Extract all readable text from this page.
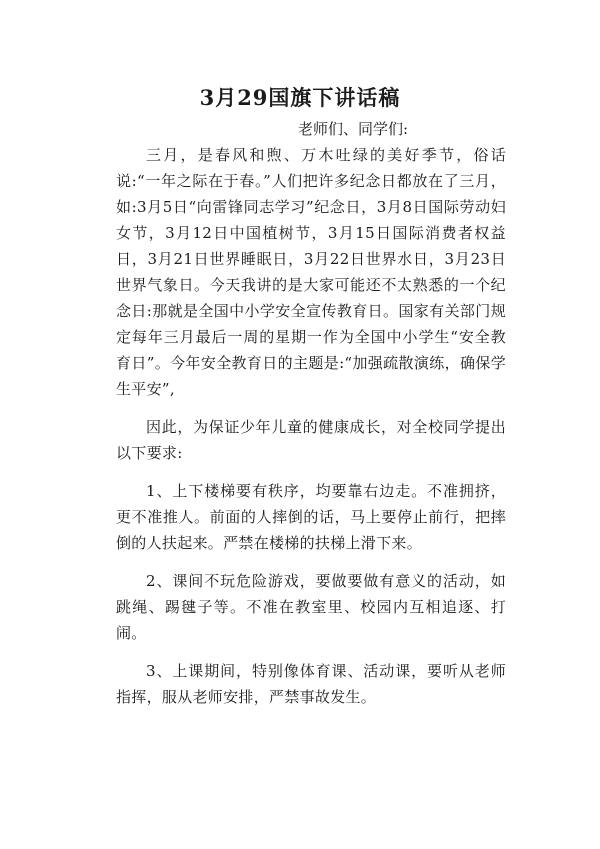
3月29国旗下讲话稿

老师们、同学们:

三月，是春风和煦、万木吐绿的美好季节，俗话说:“一年之际在于春。”人们把许多纪念日都放在了三月，如:3月5日“向雷锋同志学习”纪念日，3月8日国际劳动妇女节，3月12日中国植树节，3月15日国际消费者权益日，3月21日世界睡眠日，3月22日世界水日，3月23日世界气象日。今天我讲的是大家可能还不太熟悉的一个纪念日:那就是全国中小学安全宣传教育日。国家有关部门规定每年三月最后一周的星期一作为全国中小学生“安全教育日”。今年安全教育日的主题是:“加强疏散演练，确保学生平安”,

因此，为保证少年儿童的健康成长，对全校同学提出以下要求:

1、上下楼梯要有秩序，均要靠右边走。不准拥挤，更不准推人。前面的人摔倒的话，马上要停止前行，把摔倒的人扶起来。严禁在楼梯的扶梯上滑下来。

2、课间不玩危险游戏，要做要做有意义的活动，如跳绳、踢毽子等。不准在教室里、校园内互相追逐、打闹。

3、上课期间，特别像体育课、活动课，要听从老师指挥，服从老师安排，严禁事故发生。
